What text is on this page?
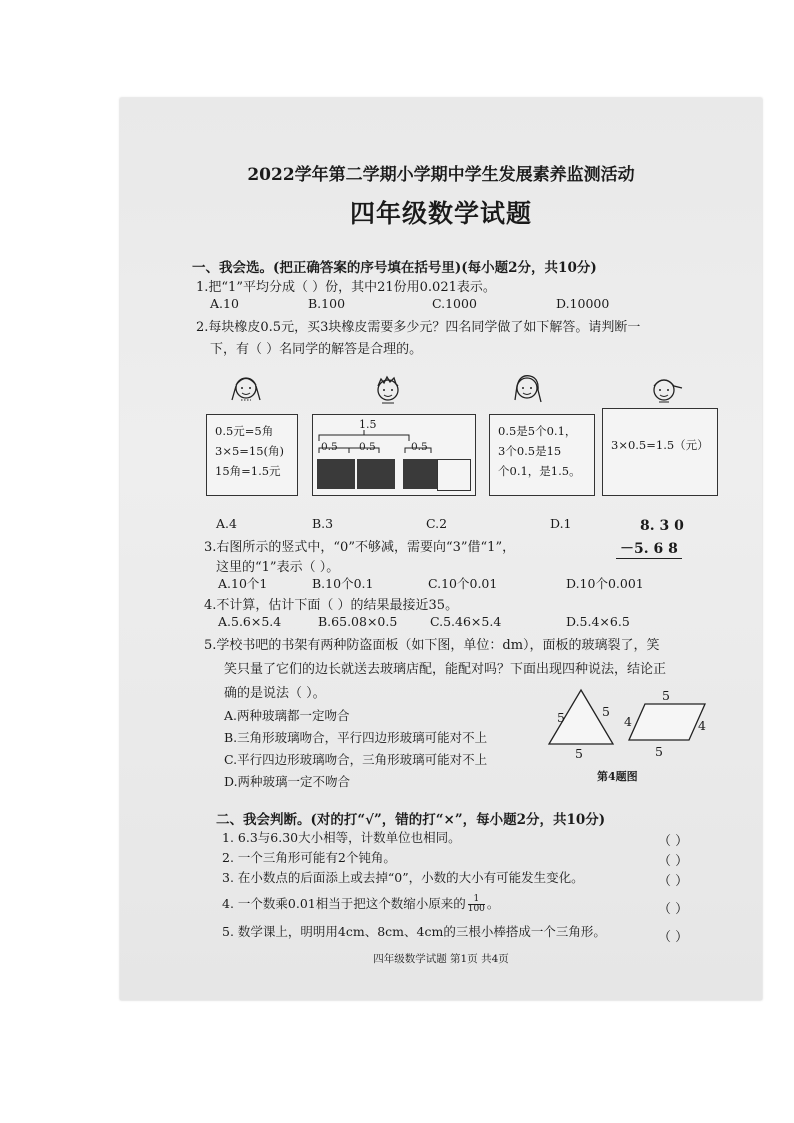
2022学年第二学期小学期中学生发展素养监测活动
四年级数学试题
一、我会选。(把正确答案的序号填在括号里)(每小题2分，共10分)
1.把“1”平均分成（ ）份，其中21份用0.021表示。
A.10	B.100	C.1000	D.10000
2.每块橡皮0.5元，买3块橡皮需要多少元？四名同学做了如下解答。请判断一
下，有（ ）名同学的解答是合理的。
0.5元=5角
3×5=15(角)
15角=1.5元
1.5
0.5 0.5	0.5
0.5是5个0.1，
3个0.5是15
个0.1，是1.5。
3×0.5=1.5（元）
A.4	B.3	C.2	D.1
3.右图所示的竖式中，“0”不够减，需要向“3”借“1”，
这里的“1”表示（ ）。
8. 3 0
－5. 6 8
A.10个1	B.10个0.1	C.10个0.01	D.10个0.001
4.不计算，估计下面（ ）的结果最接近35。
A.5.6×5.4	B.65.08×0.5	C.5.46×5.4	D.5.4×6.5
5.学校书吧的书架有两种防盗面板（如下图，单位：dm），面板的玻璃裂了，笑
笑只量了它们的边长就送去玻璃店配，能配对吗？下面出现四种说法，结论正
确的是说法（ ）。
A.两种玻璃都一定吻合
B.三角形玻璃吻合，平行四边形玻璃可能对不上
C.平行四边形玻璃吻合，三角形玻璃可能对不上
D.两种玻璃一定不吻合
5	5
5
5
4	4
5
第4题图
二、我会判断。(对的打“√”，错的打“×”，每小题2分，共10分)
1. 6.3与6.30大小相等，计数单位也相同。	（ ）
2. 一个三角形可能有2个钝角。	（ ）
3. 在小数点的后面添上或去掉“0”，小数的大小有可能发生变化。	（ ）
4. 一个数乘0.01相当于把这个数缩小原来的 $\frac{1}{100}$ 。	（ ）
5. 数学课上，明明用4cm、8cm、4cm的三根小棒搭成一个三角形。	（ ）
四年级数学试题 第1页 共4页
